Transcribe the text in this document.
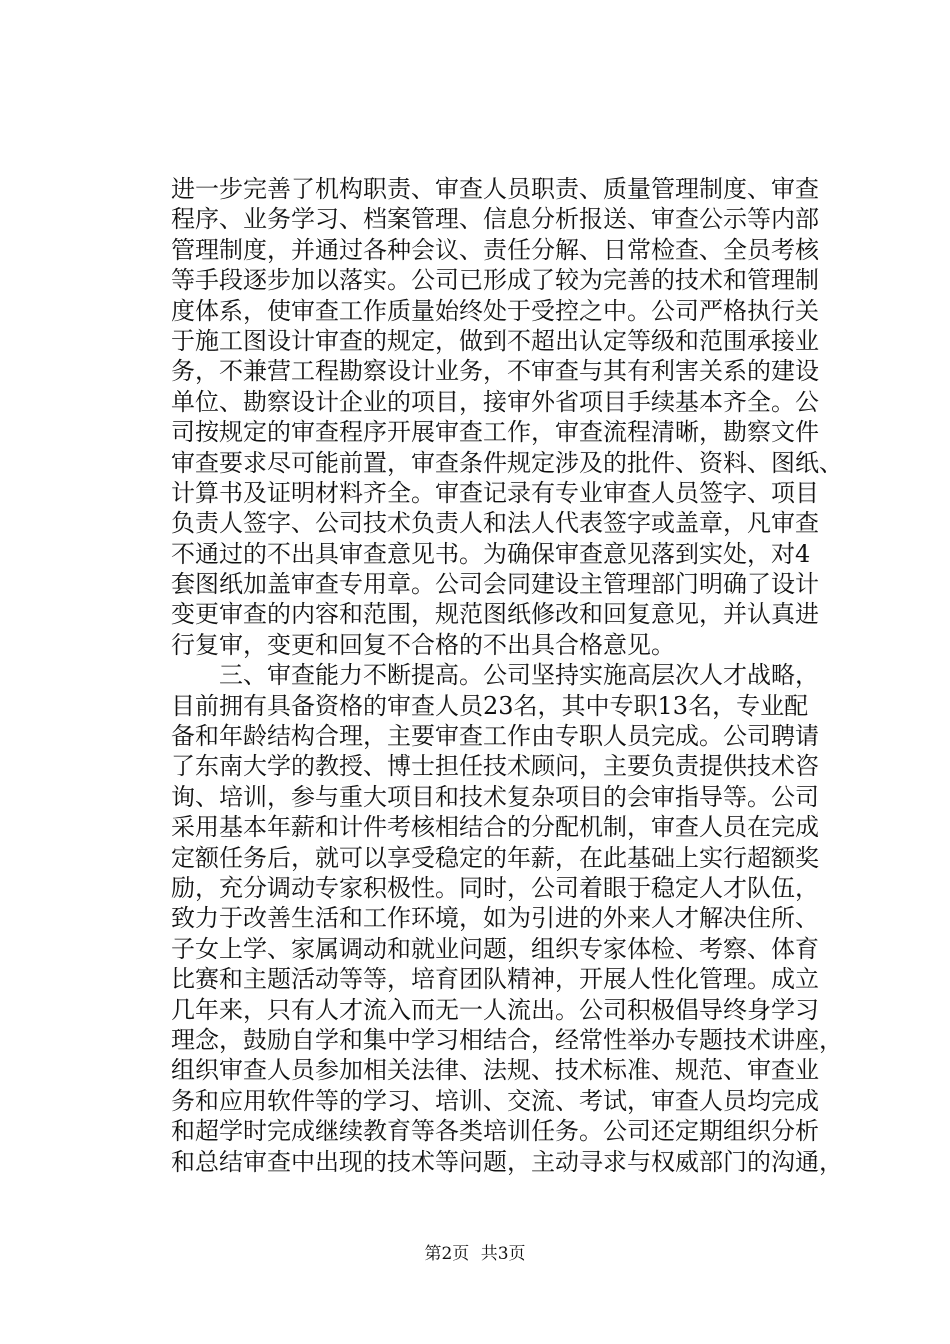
进一步完善了机构职责、审查人员职责、质量管理制度、审查
程序、业务学习、档案管理、信息分析报送、审查公示等内部
管理制度，并通过各种会议、责任分解、日常检查、全员考核
等手段逐步加以落实。公司已形成了较为完善的技术和管理制
度体系，使审查工作质量始终处于受控之中。公司严格执行关
于施工图设计审查的规定，做到不超出认定等级和范围承接业
务，不兼营工程勘察设计业务，不审查与其有利害关系的建设
单位、勘察设计企业的项目，接审外省项目手续基本齐全。公
司按规定的审查程序开展审查工作，审查流程清晰，勘察文件
审查要求尽可能前置，审查条件规定涉及的批件、资料、图纸、
计算书及证明材料齐全。审查记录有专业审查人员签字、项目
负责人签字、公司技术负责人和法人代表签字或盖章，凡审查
不通过的不出具审查意见书。为确保审查意见落到实处，对4
套图纸加盖审查专用章。公司会同建设主管理部门明确了设计
变更审查的内容和范围，规范图纸修改和回复意见，并认真进
行复审，变更和回复不合格的不出具合格意见。
三、审查能力不断提高。公司坚持实施高层次人才战略，
目前拥有具备资格的审查人员23名，其中专职13名，专业配
备和年龄结构合理，主要审查工作由专职人员完成。公司聘请
了东南大学的教授、博士担任技术顾问，主要负责提供技术咨
询、培训，参与重大项目和技术复杂项目的会审指导等。公司
采用基本年薪和计件考核相结合的分配机制，审查人员在完成
定额任务后，就可以享受稳定的年薪，在此基础上实行超额奖
励，充分调动专家积极性。同时，公司着眼于稳定人才队伍，
致力于改善生活和工作环境，如为引进的外来人才解决住所、
子女上学、家属调动和就业问题，组织专家体检、考察、体育
比赛和主题活动等等，培育团队精神，开展人性化管理。成立
几年来，只有人才流入而无一人流出。公司积极倡导终身学习
理念，鼓励自学和集中学习相结合，经常性举办专题技术讲座，
组织审查人员参加相关法律、法规、技术标准、规范、审查业
务和应用软件等的学习、培训、交流、考试，审查人员均完成
和超学时完成继续教育等各类培训任务。公司还定期组织分析
和总结审查中出现的技术等问题，主动寻求与权威部门的沟通，
第2页 共3页
